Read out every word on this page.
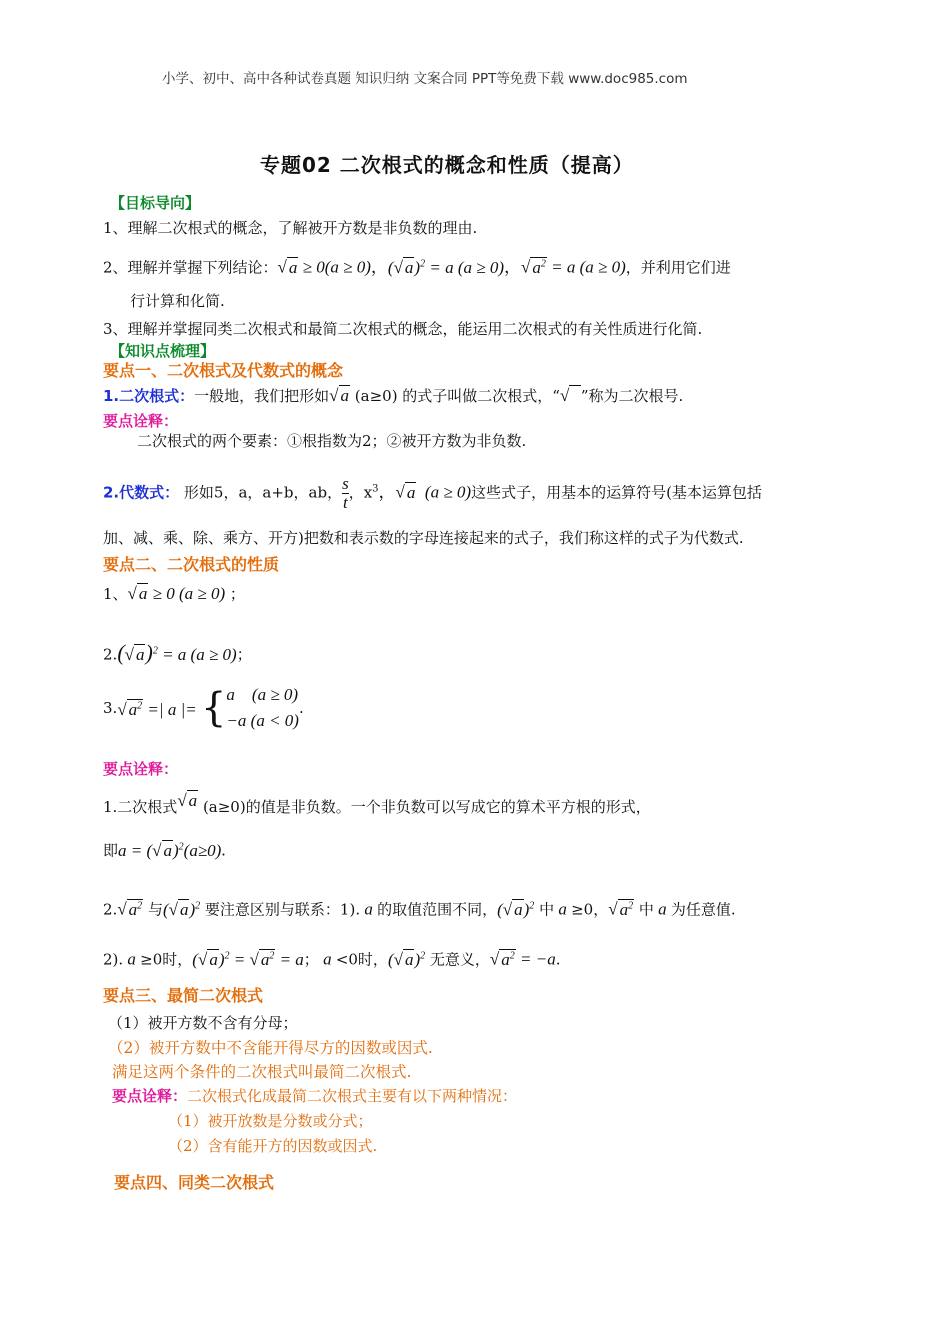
小学、初中、高中各种试卷真题 知识归纳 文案合同 PPT等免费下载 www.doc985.com
专题02 二次根式的概念和性质（提高）
【目标导向】
1、理解二次根式的概念，了解被开方数是非负数的理由.
2、理解并掌握下列结论：√ a ≥ 0(a ≥ 0)，(√ a)$^2$ = a (a ≥ 0)，√ $a^2 = a$ (a ≥ 0)，并利用它们进
行计算和化简.
3、理解并掌握同类二次根式和最简二次根式的概念，能运用二次根式的有关性质进行化简.
【知识点梳理】
要点一、二次根式及代数式的概念
1.二次根式：一般地，我们把形如√ a (a≥0) 的式子叫做二次根式，“√ ”称为二次根号.
要点诠释：
二次根式的两个要素：①根指数为2；②被开方数为非负数.
2.代数式： 形如5，a，a+b，ab， $\frac{s}{t}$ ，$x^3$，√ a (a ≥ 0)这些式子，用基本的运算符号(基本运算包括
加、减、乘、除、乘方、开方)把数和表示数的字母连接起来的式子，我们称这样的式子为代数式.
要点二、二次根式的性质
1、√ a ≥ 0 (a ≥ 0) ；
2.(√ a)$^2$ = a (a ≥ 0)；
3.√ $a^2$ =| a |= { a    (a ≥ 0)
−a (a < 0)
.
要点诠释：
1.二次根式√ a (a≥0)的值是非负数。一个非负数可以写成它的算术平方根的形式，
即a = (√ a)$^2$(a≥0).
2.√ $a^2$ 与(√ a)$^2$ 要注意区别与联系：1). a 的取值范围不同，(√ a)$^2$ 中 a ≥0，√ $a^2$ 中 a 为任意值.
2). a ≥0时，(√ a)$^2$ = √ $a^2 = a$； a <0时，(√ a)$^2$ 无意义，√ $a^2 = -a$.
要点三、最简二次根式
（1）被开方数不含有分母；
（2）被开方数中不含能开得尽方的因数或因式.
满足这两个条件的二次根式叫最简二次根式.
要点诠释：二次根式化成最简二次根式主要有以下两种情况：
（1）被开放数是分数或分式；
（2）含有能开方的因数或因式.
要点四、同类二次根式
